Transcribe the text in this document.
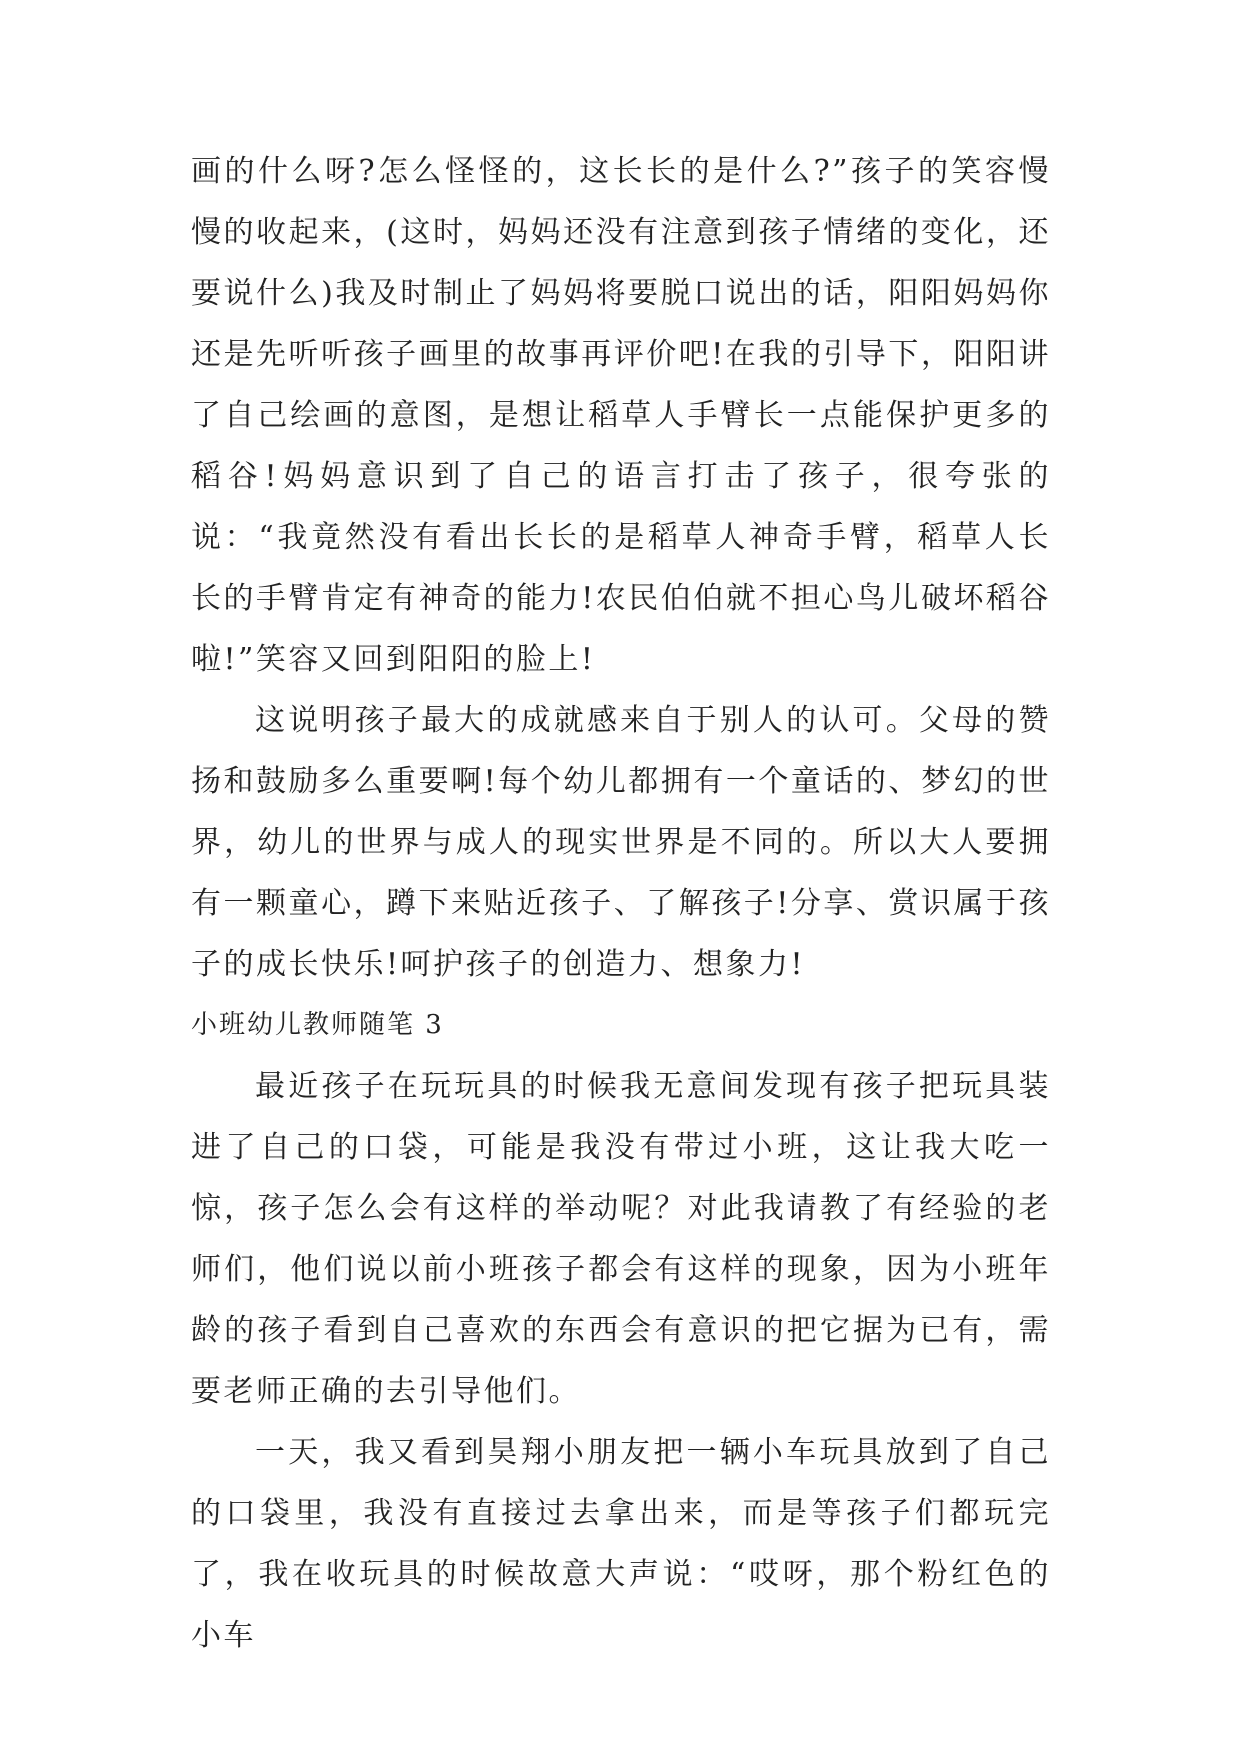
画的什么呀?怎么怪怪的，这长长的是什么?”孩子的笑容慢慢的收起来，(这时，妈妈还没有注意到孩子情绪的变化，还要说什么)我及时制止了妈妈将要脱口说出的话，阳阳妈妈你还是先听听孩子画里的故事再评价吧!在我的引导下，阳阳讲了自己绘画的意图，是想让稻草人手臂长一点能保护更多的稻谷!妈妈意识到了自己的语言打击了孩子，很夸张的说：“我竟然没有看出长长的是稻草人神奇手臂，稻草人长长的手臂肯定有神奇的能力!农民伯伯就不担心鸟儿破坏稻谷啦!”笑容又回到阳阳的脸上!

这说明孩子最大的成就感来自于别人的认可。父母的赞扬和鼓励多么重要啊!每个幼儿都拥有一个童话的、梦幻的世界，幼儿的世界与成人的现实世界是不同的。所以大人要拥有一颗童心，蹲下来贴近孩子、了解孩子!分享、赏识属于孩子的成长快乐!呵护孩子的创造力、想象力!

小班幼儿教师随笔 3

最近孩子在玩玩具的时候我无意间发现有孩子把玩具装进了自己的口袋，可能是我没有带过小班，这让我大吃一惊，孩子怎么会有这样的举动呢？对此我请教了有经验的老师们，他们说以前小班孩子都会有这样的现象，因为小班年龄的孩子看到自己喜欢的东西会有意识的把它据为已有，需要老师正确的去引导他们。

一天，我又看到昊翔小朋友把一辆小车玩具放到了自己的口袋里，我没有直接过去拿出来，而是等孩子们都玩完了，我在收玩具的时候故意大声说：“哎呀，那个粉红色的小车
